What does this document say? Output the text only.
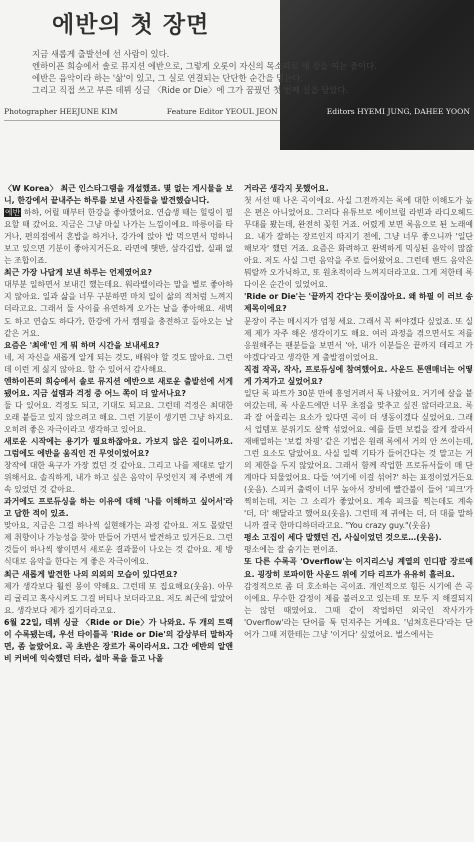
에반의 첫 장면
지금 새롭게 출발선에 선 사람이 있다.
엔하이픈 희승에서 솔로 뮤지션 에반으로, 그렇게 오롯이 자신의 목소리로 새 장을 여는 중이다.
에반은 음악이라 하는 '삶'이 있고, 그 실로 연결되는 단단한 순간을 믿는다.
그리고 직접 쓰고 부른 데뷔 싱글 〈Ride or Die〉에 그가 꿈꿨던 첫 번째 실을 담았다.
Photographer HEEJUNE KIM	Feature Editor YEOUL JEON	Editors HYEMI JUNG, DAHEE YOON

〈W Korea〉 최근 인스타그램을 개설했죠. 몇 없는 게시물을 보니, 한강에서 끝내주는 하루를 보낸 사진들을 발견했습니다.

에반 하하, 어릴 때부터 한강을 좋아했어요. 연습생 때는 힐링이 필요할 때 갔어요. 지금은 그냥 마실 나가는 느낌이에요. 따릉이를 타거나, 편의점에서 혼밥을 하거나, 강가에 앉아 밥 먹으면서 멍하니 보고 있으면 기분이 좋아지거든요. 라면에 햇반, 삼각김밥, 실패 없는 조합이죠.

최근 가장 나답게 보낸 하루는 언제였어요?

대부분 일하면서 보내긴 했는데요. 워라밸이라는 말을 별로 좋아하지 않아요. 일과 삶을 너무 구분하면 마치 일이 삶의 적처럼 느껴지더라고요. 그래서 둘 사이를 유연하게 오가는 날을 좋아해요. 새벽도 하고 연습도 하다가, 한강에 가서 캠핑을 충전하고 돌아오는 날 같은 거요.

요즘은 '최애'인 게 뭐 하며 시간을 보내세요?

네, 저 자신을 새롭게 알게 되는 것도, 배워야 할 것도 많아요. 그런데 이런 게 싫지 않아요. 할 수 있어서 감사해요.

엔하이픈의 희승에서 솔로 뮤지션 에반으로 새로운 출발선에 서게 됐어요. 지금 설렘과 걱정 중 어느 쪽이 더 앞서나요?

둘 다 있어요. 걱정도 되고, 기대도 되고요. 그런데 걱정은 최대한 오래 붙들고 있지 않으려고 해요. 그런 기분이 생기면 그냥 하지요. 오히려 좋은 자극이라고 생각하고 있어요.

새로운 시작에는 용기가 필요하잖아요. 가보지 않은 길이니까요. 그럼에도 에반을 움직인 건 무엇이었어요?

창작에 대한 욕구가 가장 컸던 것 같아요. 그리고 나를 제대로 알기 위해서요. 솔직하게, 내가 하고 싶은 음악이 무엇인지 제 주변에 계속 있었던 것 같아요.

과거에도 프로듀싱을 하는 이유에 대해 '나를 이해하고 싶어서'라고 답한 적이 있죠.

맞아요, 지금은 그걸 하나씩 실현해가는 과정 같아요. 저도 몰랐던 제 취향이나 가능성을 찾아 만들어 가면서 발견하고 있거든요. 그런 것들이 하나씩 쌓이면서 새로운 결과물이 나오는 것 같아요. 제 방식대로 음악을 한다는 게 좋은 자극이에요.

최근 새롭게 발견한 나의 의외의 모습이 있다면요?

제가 생각보다 훨씬 몽이 약해요. 그런데 또 집요해요(웃음). 아무리 굴리고 혹사시켜도 그걸 버티나 보더라고요. 저도 최근에 알았어요. 생각보다 제가 질기더라고요.

6월 22일, 데뷔 싱글 〈Ride or Die〉가 나와요. 두 개의 트랙이 수록됐는데, 우선 타이틀곡 'Ride or Die'의 감상부터 말하자면, 좀 놀랐어요. 곡 초반은 장르가 록이라서요. 그간 에반의 알앤비 커버에 익숙했던 터라, 설마 록을 들고 나올

거라곤 생각지 못했어요.

첫 서선 때 나온 곡이에요. 사실 그전까지는 록에 대한 이해도가 높은 편은 아니었어요. 그러다 유튜브로 에이브릴 라빈과 라디오헤드 무대를 봤는데, 완전히 꽂힌 거죠. 어렸게 보면 록음으로 된 노래예요. 내가 잘하는 장르인지 따지기 전에, 그냥 너무 좋으니까 '일단 해보자' 했던 거죠. 요즘은 화려하고 완벽하게 믹싱된 음악이 많잖아요. 저도 사실 그런 음악을 주로 들어왔어요. 그런데 밴드 음악은 뭐랄까 오가닉하고, 또 원초적이라 느껴지더라고요. 그게 저한테 록다이온 순간이 있었어요.

'Ride or Die'는 '끝까지 간다'는 뜻이잖아요. 왜 하필 이 러브 송 제목이에요?

문장이 주는 메시지가 엄청 세요. 그래서 꼭 써야겠다 싶었죠. 또 실제 제가 자주 해온 생각이기도 해요. 여러 과정을 겪으면서도 저를 응원해주는 팬분들을 보면서 '아, 내가 이분들은 끝까지 데리고 가야겠다'라고 생각한 게 출발점이었어요.

직접 작곡, 작사, 프로듀싱에 참여했어요. 사운드 톤앤매너는 어떻게 가져가고 싶었어요?

일단 록 파트가 30분 만에 흥얼거려서 툭 나왔어요. 거기에 살을 붙여갔는데, 록 사운드에만 너무 초점을 맞추고 싶진 않더라고요. 록과 잘 어울리는 요소가 있다면 곡이 더 생동이겠다 싶었어요. 그래서 업템포 분위기도 살짝 섞었어요. 예를 들면 보컬을 잘게 잘라서 재배열하는 '보컬 차핑' 같은 기법은 원래 록에서 거의 안 쓰이는데, 그런 요소도 담았어요. 사실 일렉 기타가 들어간다는 것 말고는 거의 제한을 두지 않았어요. 그래서 함께 작업한 프로듀서들이 매 단계마다 되물었어요. 다들 '여기에 이걸 섞어?' 하는 표정이었거든요(웃음). 스피커 출력이 너무 높아서 장비에 빨간불이 들어 '피크'가 찍히는데, 저는 그 소리가 좋았어요. 계속 피크를 찍는데도 계속 '더, 더' 해달라고 했어요(웃음). 그런데 제 귀에는 더, 더 대를 말하니까 결국 한마디하더라고요. "You crazy guy."(웃음)

평소 고집이 세다 말했던 건, 사실이었던 것으로…(웃음).

평소에는 잘 숨기는 편이죠.

또 다른 수록곡 'Overflow'는 이지리스닝 계열의 인디팝 장르예요. 굉장히 로파이한 사운드 위에 기타 리프가 유유히 흘러요.

감정적으로 좀 더 호소하는 곡이죠. 개인적으로 힘든 시기에 쓴 곡이에요. 무수한 감정이 제를 불러오고 있는데 또 모두 지 해결되지는 않던 때였어요. 그때 같이 작업하던 외국인 작사가가 'Overflow'라는 단어를 툭 던져주는 거예요. '넘쳐흐른다'라는 단어가 그때 저한테는 그냥 '이거다' 싶었어요. 벌스에서는
